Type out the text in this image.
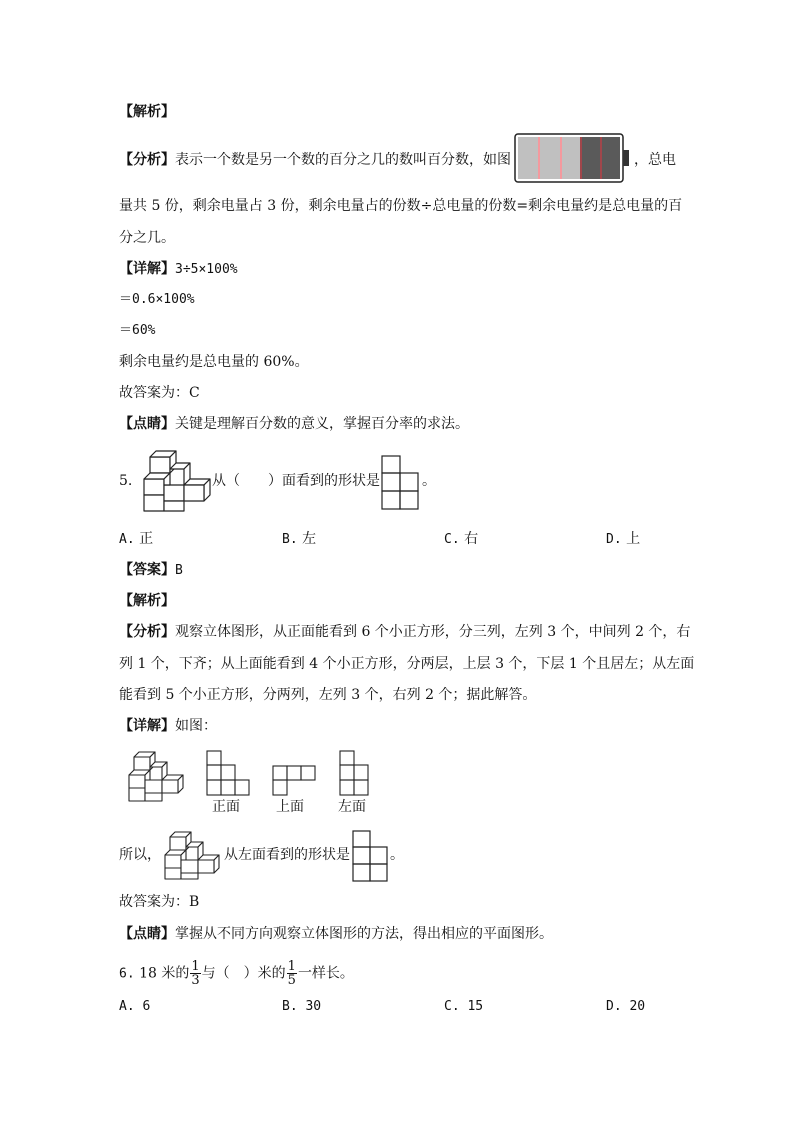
【解析】
【分析】表示一个数是另一个数的百分之几的数叫百分数，如图	，总电
量共 5 份，剩余电量占 3 份，剩余电量占的份数÷总电量的份数=剩余电量约是总电量的百
分之几。
【详解】3÷5×100%
＝0.6×100%
＝60%
剩余电量约是总电量的 60%。
故答案为：C
【点睛】关键是理解百分数的意义，掌握百分率的求法。
5.	从（　　）面看到的形状是	。
A. 正	B. 左	C. 右	D. 上
【答案】B
【解析】
【分析】观察立体图形，从正面能看到 6 个小正方形，分三列，左列 3 个，中间列 2 个，右
列 1 个，下齐；从上面能看到 4 个小正方形，分两层，上层 3 个，下层 1 个且居左；从左面
能看到 5 个小正方形，分两列，左列 3 个，右列 2 个；据此解答。
【详解】如图：
正面	上面 左面
所以，	从左面看到的形状是	。
故答案为：B
【点睛】掌握从不同方向观察立体图形的方法，得出相应的平面图形。
6. 18 米的 $\frac{1}{3}$ 与（　）米的 $\frac{1}{5}$ 一样长。
A. 6	B. 30	C. 15	D. 20
